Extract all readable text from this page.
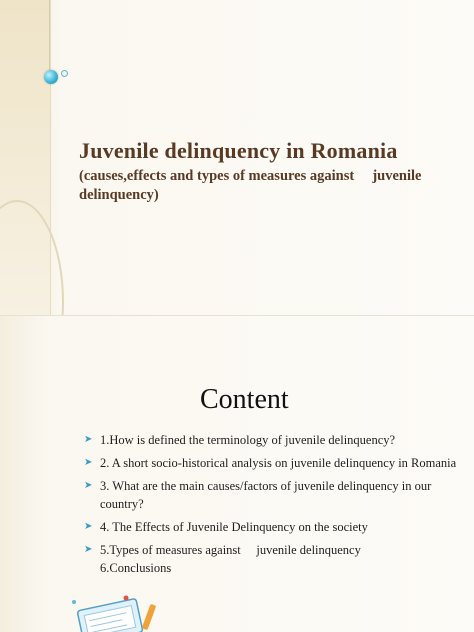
Juvenile delinquency in Romania

(causes,effects and types of measures against     juvenile delinquency)

Content
➤ 1.How is defined the terminology of juvenile delinquency?
➤ 2. A short socio-historical analysis on juvenile delinquency in Romania
➤ 3. What are the main causes/factors of juvenile delinquency in our country?
➤ 4. The Effects of Juvenile Delinquency on the society
➤ 5.Types of measures against     juvenile delinquency
6.Conclusions
